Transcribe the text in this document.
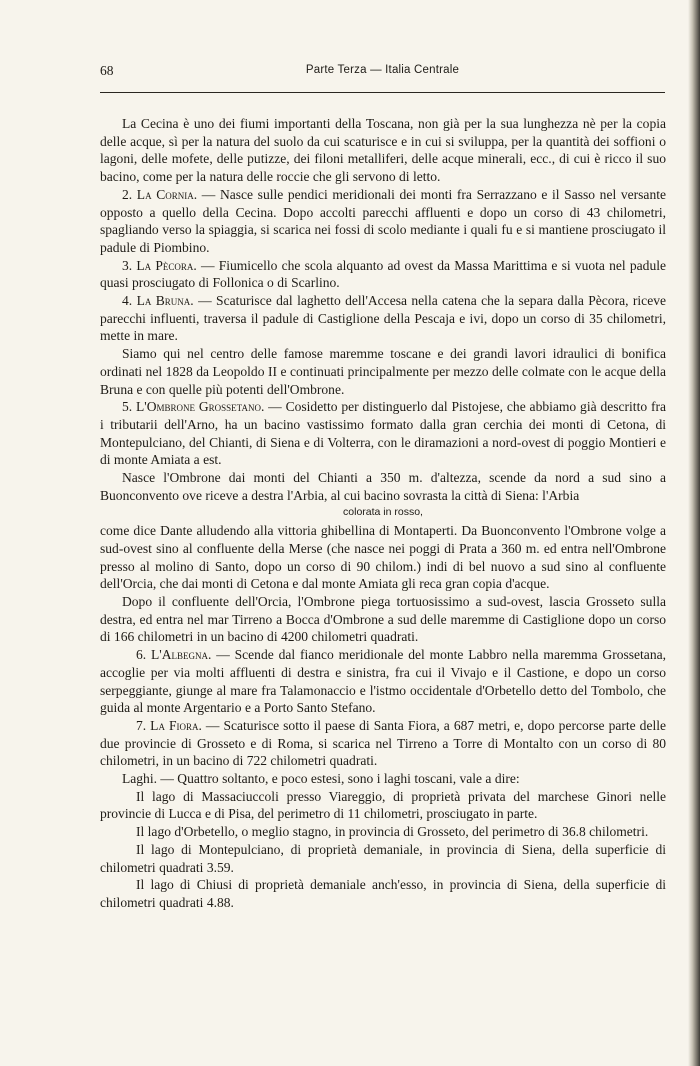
68	Parte Terza — Italia Centrale

La Cecina è uno dei fiumi importanti della Toscana, non già per la sua lunghezza nè per la copia delle acque, sì per la natura del suolo da cui scaturisce e in cui si sviluppa, per la quantità dei soffioni o lagoni, delle mofete, delle putizze, dei filoni metalliferi, delle acque minerali, ecc., di cui è ricco il suo bacino, come per la natura delle roccie che gli servono di letto.

2. La Cornia. — Nasce sulle pendici meridionali dei monti fra Serrazzano e il Sasso nel versante opposto a quello della Cecina. Dopo accolti parecchi affluenti e dopo un corso di 43 chilometri, spagliando verso la spiaggia, si scarica nei fossi di scolo mediante i quali fu e si mantiene prosciugato il padule di Piombino.

3. La Pècora. — Fiumicello che scola alquanto ad ovest da Massa Marittima e si vuota nel padule quasi prosciugato di Follonica o di Scarlino.

4. La Bruna. — Scaturisce dal laghetto dell'Accesa nella catena che la separa dalla Pècora, riceve parecchi influenti, traversa il padule di Castiglione della Pescaja e ivi, dopo un corso di 35 chilometri, mette in mare.

Siamo qui nel centro delle famose maremme toscane e dei grandi lavori idraulici di bonifica ordinati nel 1828 da Leopoldo II e continuati principalmente per mezzo delle colmate con le acque della Bruna e con quelle più potenti dell'Ombrone.

5. L'Ombrone Grossetano. — Cosidetto per distinguerlo dal Pistojese, che abbiamo già descritto fra i tributarii dell'Arno, ha un bacino vastissimo formato dalla gran cerchia dei monti di Cetona, di Montepulciano, del Chianti, di Siena e di Volterra, con le diramazioni a nord-ovest di poggio Montieri e di monte Amiata a est.

Nasce l'Ombrone dai monti del Chianti a 350 m. d'altezza, scende da nord a sud sino a Buonconvento ove riceve a destra l'Arbia, al cui bacino sovrasta la città di Siena: l'Arbia

colorata in rosso,

come dice Dante alludendo alla vittoria ghibellina di Montaperti. Da Buonconvento l'Ombrone volge a sud-ovest sino al confluente della Merse (che nasce nei poggi di Prata a 360 m. ed entra nell'Ombrone presso al molino di Santo, dopo un corso di 90 chilom.) indi di bel nuovo a sud sino al confluente dell'Orcia, che dai monti di Cetona e dal monte Amiata gli reca gran copia d'acque.

Dopo il confluente dell'Orcia, l'Ombrone piega tortuosissimo a sud-ovest, lascia Grosseto sulla destra, ed entra nel mar Tirreno a Bocca d'Ombrone a sud delle maremme di Castiglione dopo un corso di 166 chilometri in un bacino di 4200 chilometri quadrati.

6. L'Albegna. — Scende dal fianco meridionale del monte Labbro nella maremma Grossetana, accoglie per via molti affluenti di destra e sinistra, fra cui il Vivajo e il Castione, e dopo un corso serpeggiante, giunge al mare fra Talamonaccio e l'istmo occidentale d'Orbetello detto del Tombolo, che guida al monte Argentario e a Porto Santo Stefano.

7. La Fiora. — Scaturisce sotto il paese di Santa Fiora, a 687 metri, e, dopo percorse parte delle due provincie di Grosseto e di Roma, si scarica nel Tirreno a Torre di Montalto con un corso di 80 chilometri, in un bacino di 722 chilometri quadrati.

Laghi. — Quattro soltanto, e poco estesi, sono i laghi toscani, vale a dire:

Il lago di Massaciuccoli presso Viareggio, di proprietà privata del marchese Ginori nelle provincie di Lucca e di Pisa, del perimetro di 11 chilometri, prosciugato in parte.

Il lago d'Orbetello, o meglio stagno, in provincia di Grosseto, del perimetro di 36.8 chilometri.

Il lago di Montepulciano, di proprietà demaniale, in provincia di Siena, della superficie di chilometri quadrati 3.59.

Il lago di Chiusi di proprietà demaniale anch'esso, in provincia di Siena, della superficie di chilometri quadrati 4.88.
